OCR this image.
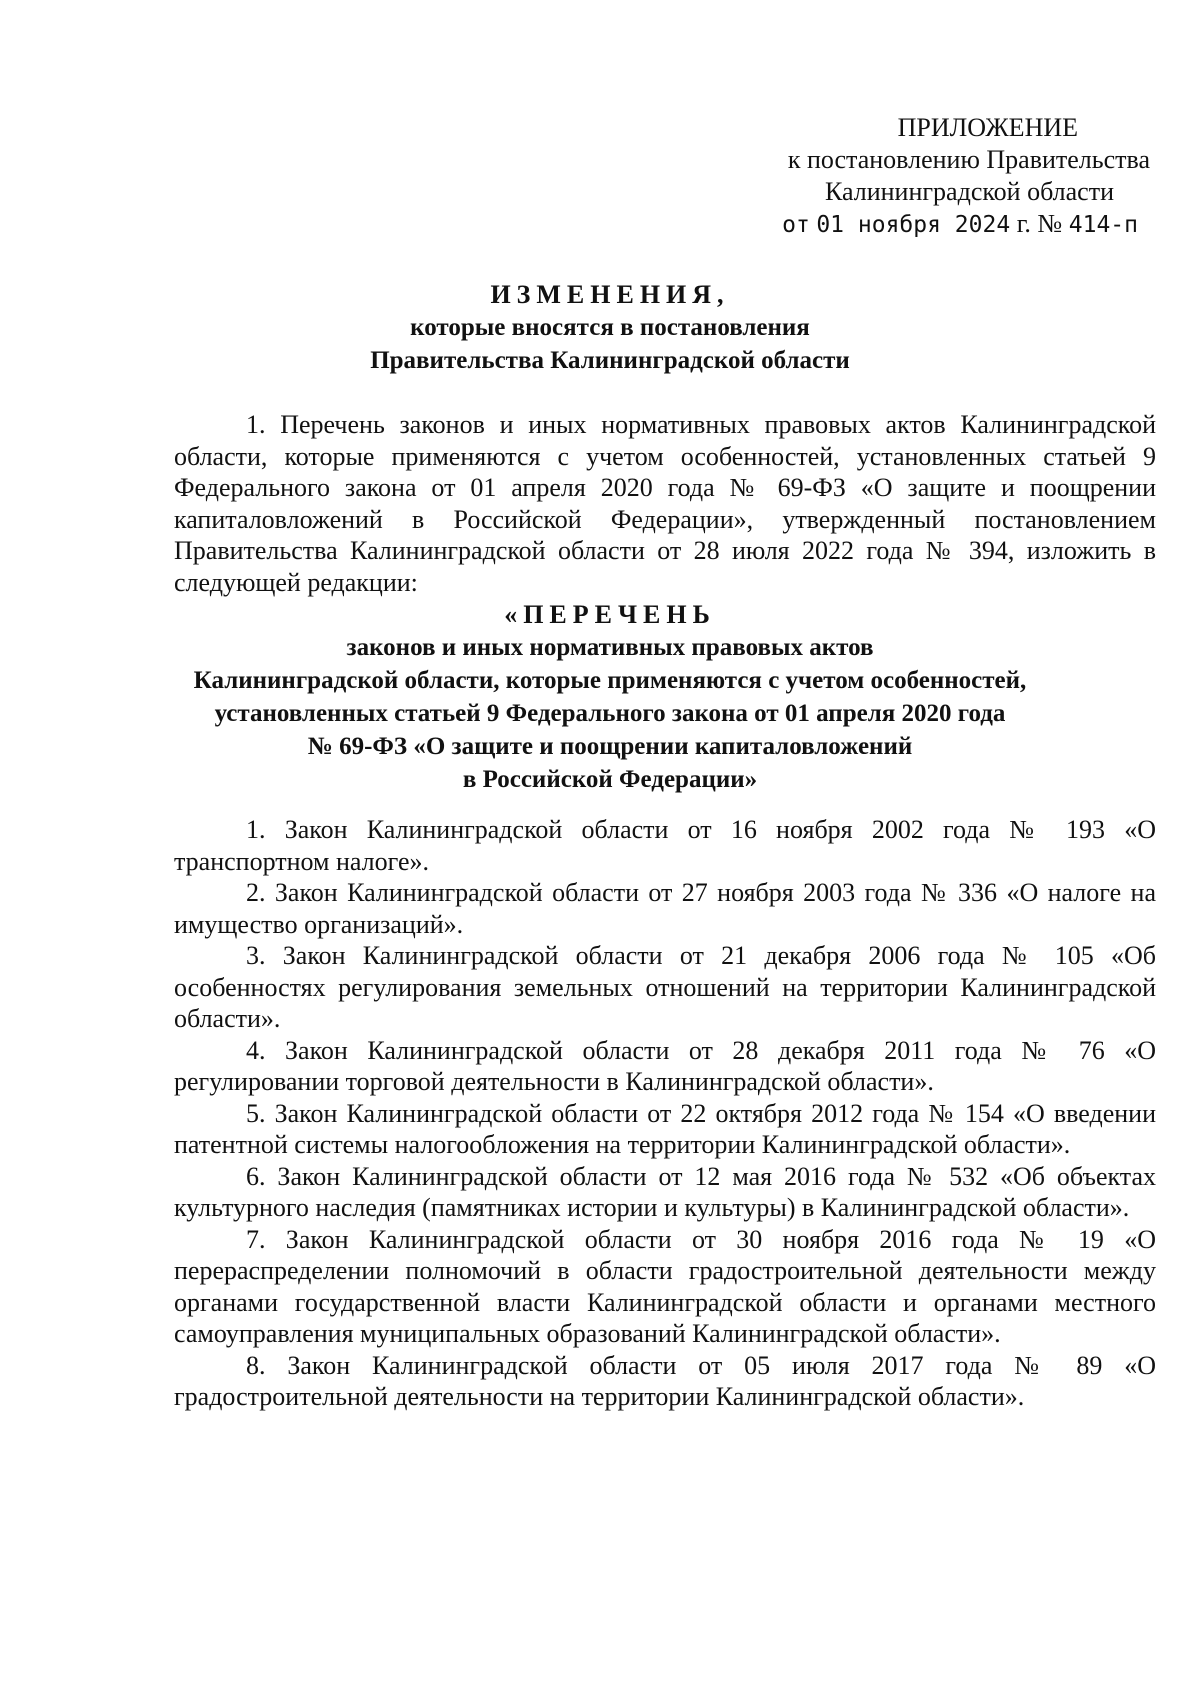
ПРИЛОЖЕНИЕ
к постановлению Правительства
Калининградской области
от 01 ноября 2024 г. № 414-п
ИЗМЕНЕНИЯ,
которые вносятся в постановления
Правительства Калининградской области

1. Перечень законов и иных нормативных правовых актов Калининградской области, которые применяются с учетом особенностей, установленных статьей 9 Федерального закона от 01 апреля 2020 года № 69-ФЗ «О защите и поощрении капиталовложений в Российской Федерации», утвержденный постановлением Правительства Калининградской области от 28 июля 2022 года № 394, изложить в следующей редакции:

«ПЕРЕЧЕНЬ
законов и иных нормативных правовых актов
Калининградской области, которые применяются с учетом особенностей,
установленных статьей 9 Федерального закона от 01 апреля 2020 года
№ 69-ФЗ «О защите и поощрении капиталовложений
в Российской Федерации»

1. Закон Калининградской области от 16 ноября 2002 года № 193 «О транспортном налоге».

2. Закон Калининградской области от 27 ноября 2003 года № 336 «О налоге на имущество организаций».

3. Закон Калининградской области от 21 декабря 2006 года № 105 «Об особенностях регулирования земельных отношений на территории Калининградской области».

4. Закон Калининградской области от 28 декабря 2011 года № 76 «О регулировании торговой деятельности в Калининградской области».

5. Закон Калининградской области от 22 октября 2012 года № 154 «О введении патентной системы налогообложения на территории Калининградской области».

6. Закон Калининградской области от 12 мая 2016 года № 532 «Об объектах культурного наследия (памятниках истории и культуры) в Калининградской области».

7. Закон Калининградской области от 30 ноября 2016 года № 19 «О перераспределении полномочий в области градостроительной деятельности между органами государственной власти Калининградской области и органами местного самоуправления муниципальных образований Калининградской области».

8. Закон Калининградской области от 05 июля 2017 года № 89 «О градостроительной деятельности на территории Калининградской области».
